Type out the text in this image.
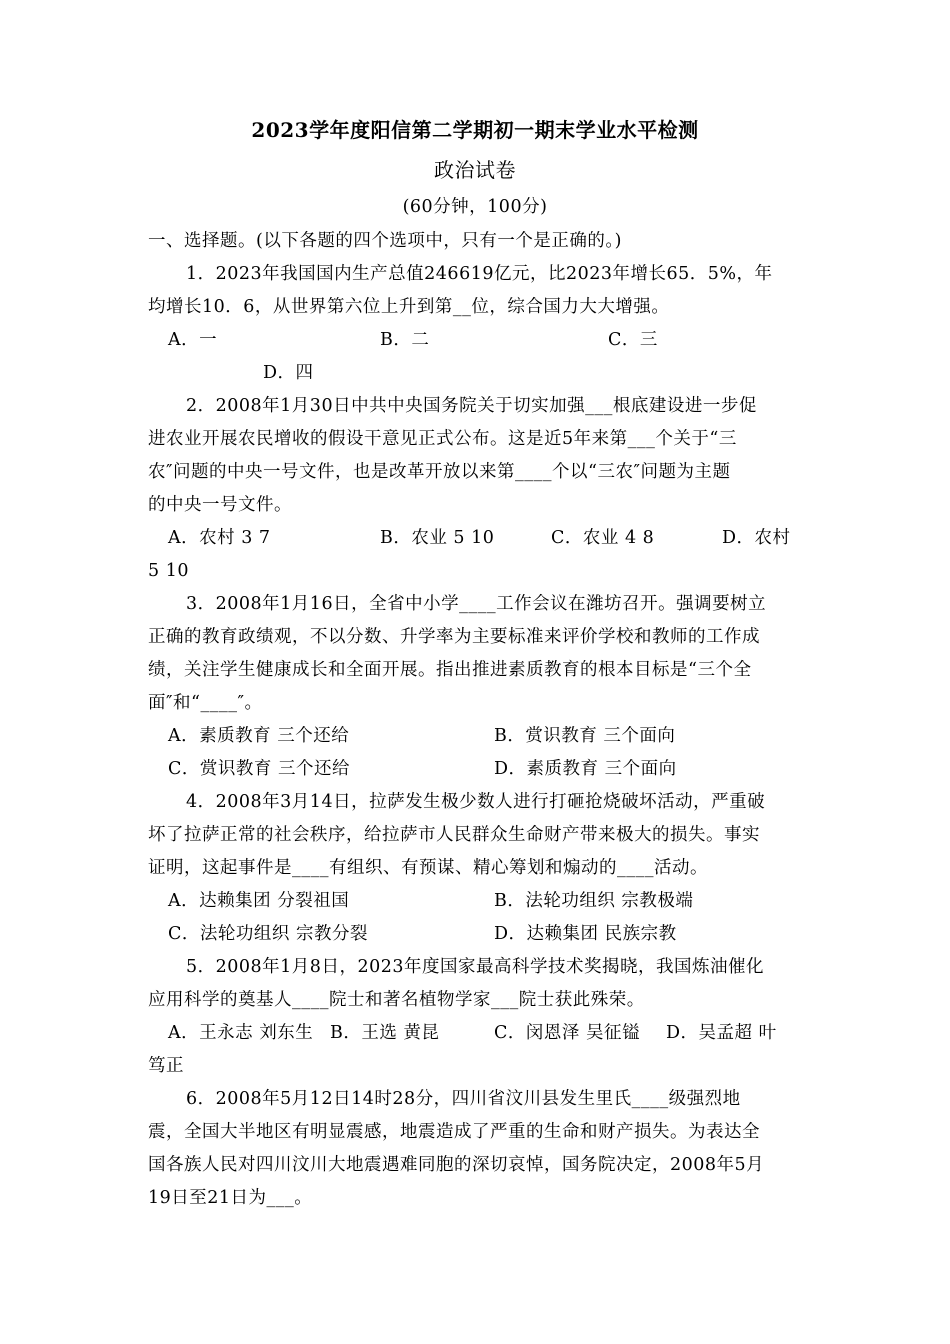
2023学年度阳信第二学期初一期末学业水平检测
政治试卷
(60分钟，100分)
一、选择题。(以下各题的四个选项中，只有一个是正确的。)
1．2023年我国国内生产总值246619亿元，比2023年增长65．5%，年
均增长10．6，从世界第六位上升到第__位，综合国力大大增强。
A．一	B．二	C．三
D．四
2．2008年1月30日中共中央国务院关于切实加强___根底建设进一步促
进农业开展农民增收的假设干意见正式公布。这是近5年来第___个关于“三
农″问题的中央一号文件，也是改革开放以来第____个以“三农″问题为主题
的中央一号文件。
A．农村 3 7	B．农业 5 10	C．农业 4 8	D．农村
5 10
3．2008年1月16日，全省中小学____工作会议在潍坊召开。强调要树立
正确的教育政绩观，不以分数、升学率为主要标准来评价学校和教师的工作成
绩，关注学生健康成长和全面开展。指出推进素质教育的根本目标是“三个全
面″和“____″。
A．素质教育 三个还给	B．赏识教育 三个面向
C．赏识教育 三个还给	D．素质教育 三个面向
4．2008年3月14日，拉萨发生极少数人进行打砸抢烧破坏活动，严重破
坏了拉萨正常的社会秩序，给拉萨市人民群众生命财产带来极大的损失。事实
证明，这起事件是____有组织、有预谋、精心筹划和煽动的____活动。
A．达赖集团 分裂祖国	B．法轮功组织 宗教极端
C．法轮功组织 宗教分裂	D．达赖集团 民族宗教
5．2008年1月8日，2023年度国家最高科学技术奖揭晓，我国炼油催化
应用科学的奠基人____院士和著名植物学家___院士获此殊荣。
A．王永志 刘东生 B．王选 黄昆	C．闵恩泽 吴征镒 D．吴孟超 叶
笃正
6．2008年5月12日14时28分，四川省汶川县发生里氏____级强烈地
震，全国大半地区有明显震感，地震造成了严重的生命和财产损失。为表达全
国各族人民对四川汶川大地震遇难同胞的深切哀悼，国务院决定，2008年5月
19日至21日为___。
